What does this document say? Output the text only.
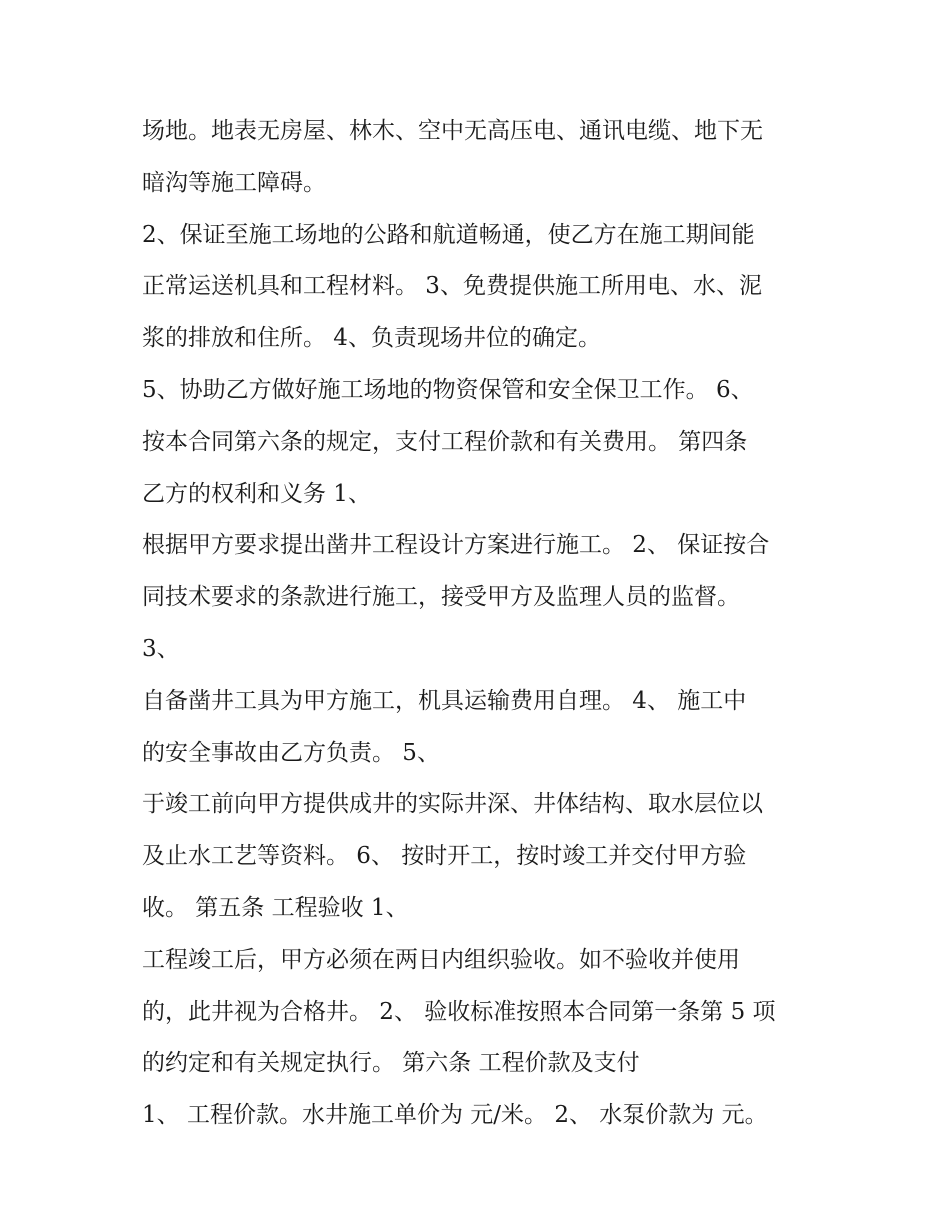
场地。地表无房屋、林木、空中无高压电、通讯电缆、地下无
暗沟等施工障碍。
2、保证至施工场地的公路和航道畅通，使乙方在施工期间能
正常运送机具和工程材料。 3、免费提供施工所用电、水、泥
浆的排放和住所。 4、负责现场井位的确定。
5、协助乙方做好施工场地的物资保管和安全保卫工作。 6、
按本合同第六条的规定，支付工程价款和有关费用。 第四条
乙方的权利和义务 1、
根据甲方要求提出凿井工程设计方案进行施工。 2、 保证按合
同技术要求的条款进行施工，接受甲方及监理人员的监督。
3、
自备凿井工具为甲方施工，机具运输费用自理。 4、 施工中
的安全事故由乙方负责。 5、
于竣工前向甲方提供成井的实际井深、井体结构、取水层位以
及止水工艺等资料。 6、 按时开工，按时竣工并交付甲方验
收。 第五条 工程验收 1、
工程竣工后，甲方必须在两日内组织验收。如不验收并使用
的，此井视为合格井。 2、 验收标准按照本合同第一条第 5 项
的约定和有关规定执行。 第六条 工程价款及支付
1、 工程价款。水井施工单价为 元/米。 2、 水泵价款为 元。
